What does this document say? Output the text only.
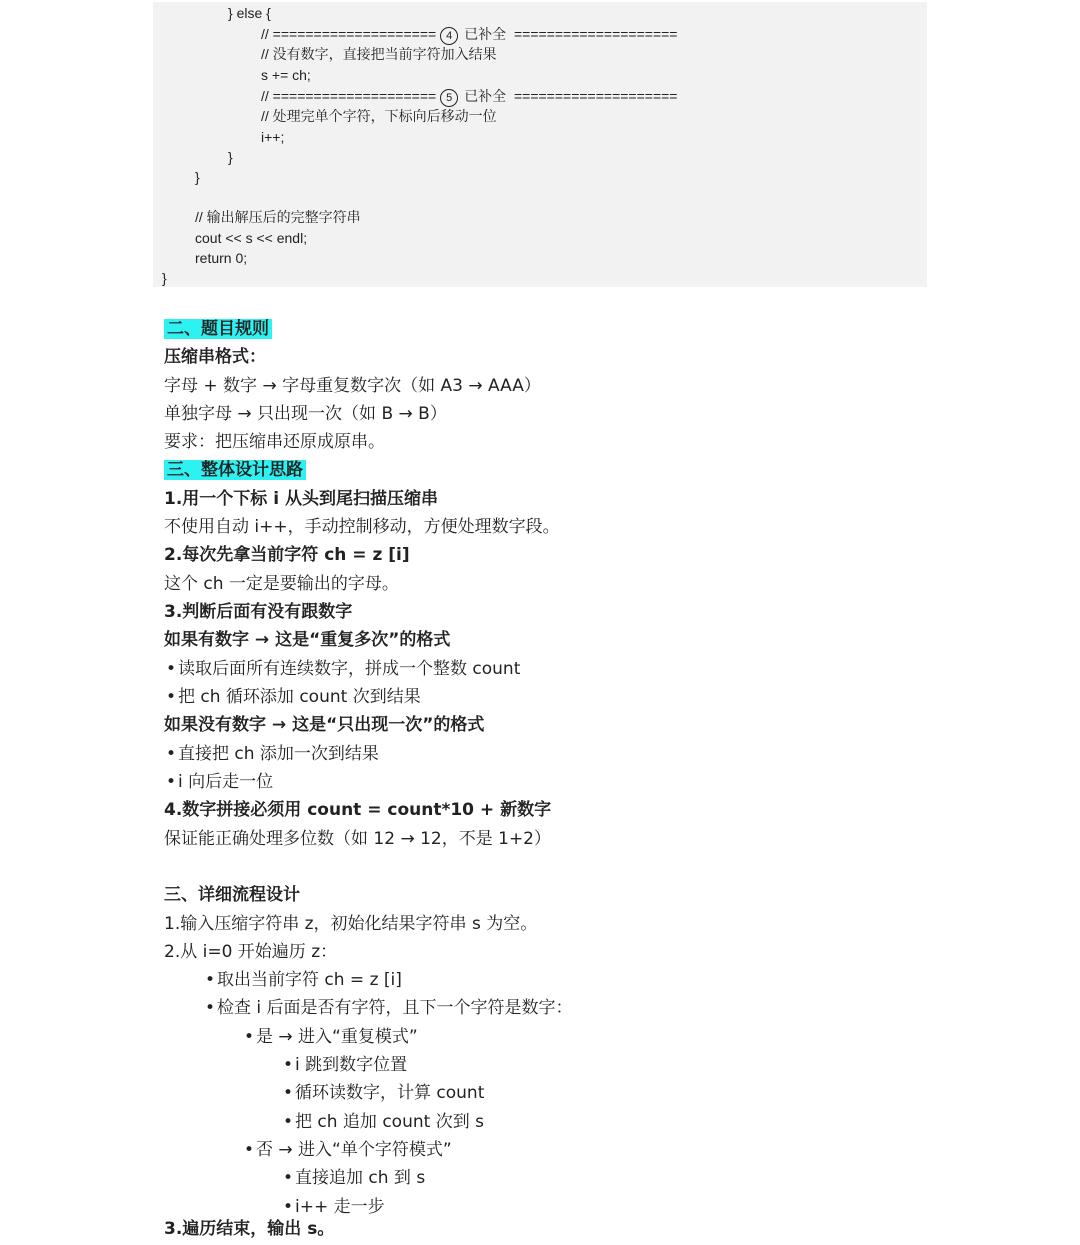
} else {
// ==================== 4 已补全 ====================
// 没有数字，直接把当前字符加入结果
s += ch;
// ==================== 5 已补全 ====================
// 处理完单个字符，下标向后移动一位
i++;
}
}
// 输出解压后的完整字符串
cout << s << endl;
return 0;
}
二、题目规则
压缩串格式：
字母 + 数字 → 字母重复数字次（如 A3 → AAA）
单独字母 → 只出现一次（如 B → B）
要求：把压缩串还原成原串。
三、整体设计思路
1.用一个下标 i 从头到尾扫描压缩串
不使用自动 i++，手动控制移动，方便处理数字段。
2.每次先拿当前字符 ch = z [i]
这个 ch 一定是要输出的字母。
3.判断后面有没有跟数字
如果有数字 → 这是“重复多次”的格式
• 读取后面所有连续数字，拼成一个整数 count
• 把 ch 循环添加 count 次到结果
如果没有数字 → 这是“只出现一次”的格式
• 直接把 ch 添加一次到结果
• i 向后走一位
4.数字拼接必须用 count = count*10 + 新数字
保证能正确处理多位数（如 12 → 12，不是 1+2）
三、详细流程设计
1.输入压缩字符串 z，初始化结果字符串 s 为空。
2.从 i=0 开始遍历 z：
• 取出当前字符 ch = z [i]
• 检查 i 后面是否有字符，且下一个字符是数字：
• 是 → 进入“重复模式”
• i 跳到数字位置
• 循环读数字，计算 count
• 把 ch 追加 count 次到 s
• 否 → 进入“单个字符模式”
• 直接追加 ch 到 s
• i++ 走一步
3.遍历结束，输出 s。
